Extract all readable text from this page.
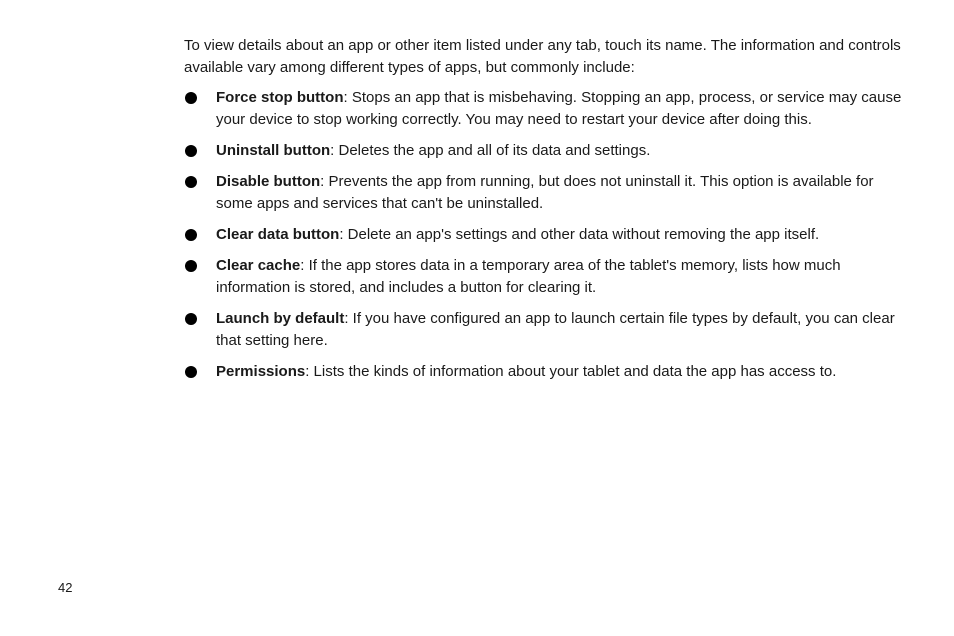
To view details about an app or other item listed under any tab, touch its name. The information and controls available vary among different types of apps, but commonly include:

Force stop button: Stops an app that is misbehaving. Stopping an app, process, or service may cause your device to stop working correctly. You may need to restart your device after doing this.
Uninstall button: Deletes the app and all of its data and settings.
Disable button: Prevents the app from running, but does not uninstall it. This option is available for some apps and services that can't be uninstalled.
Clear data button: Delete an app's settings and other data without removing the app itself.
Clear cache: If the app stores data in a temporary area of the tablet's memory, lists how much information is stored, and includes a button for clearing it.
Launch by default: If you have configured an app to launch certain file types by default, you can clear that setting here.
Permissions: Lists the kinds of information about your tablet and data the app has access to.
42
